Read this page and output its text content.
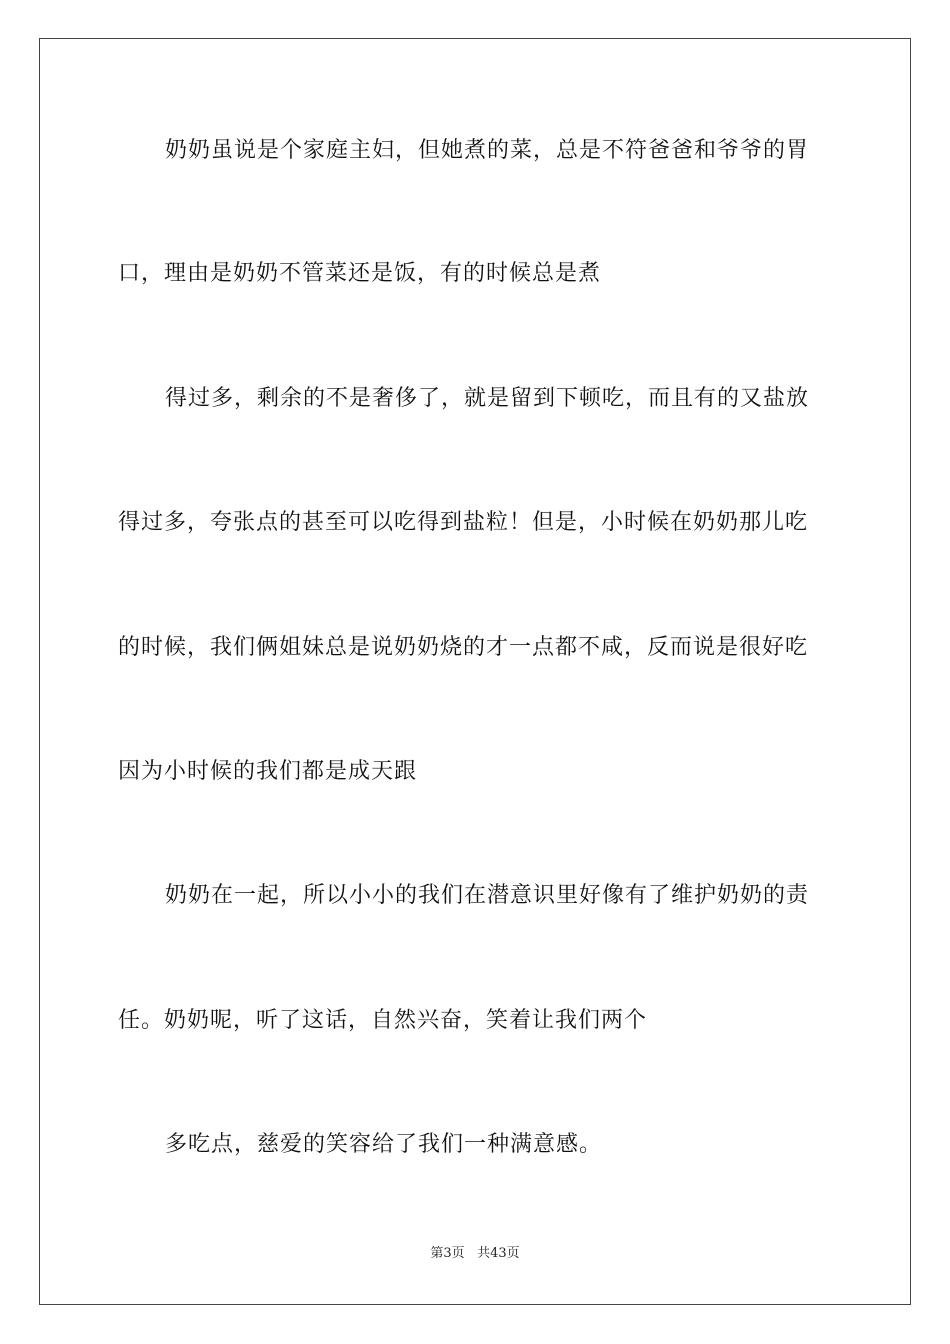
奶奶虽说是个家庭主妇，但她煮的菜，总是不符爸爸和爷爷的胃
口，理由是奶奶不管菜还是饭，有的时候总是煮
得过多，剩余的不是奢侈了，就是留到下顿吃，而且有的又盐放
得过多，夸张点的甚至可以吃得到盐粒！但是，小时候在奶奶那儿吃
的时候，我们俩姐妹总是说奶奶烧的才一点都不咸，反而说是很好吃
因为小时候的我们都是成天跟
奶奶在一起，所以小小的我们在潜意识里好像有了维护奶奶的责
任。奶奶呢，听了这话，自然兴奋，笑着让我们两个
多吃点，慈爱的笑容给了我们一种满意感。
第3页 共43页
